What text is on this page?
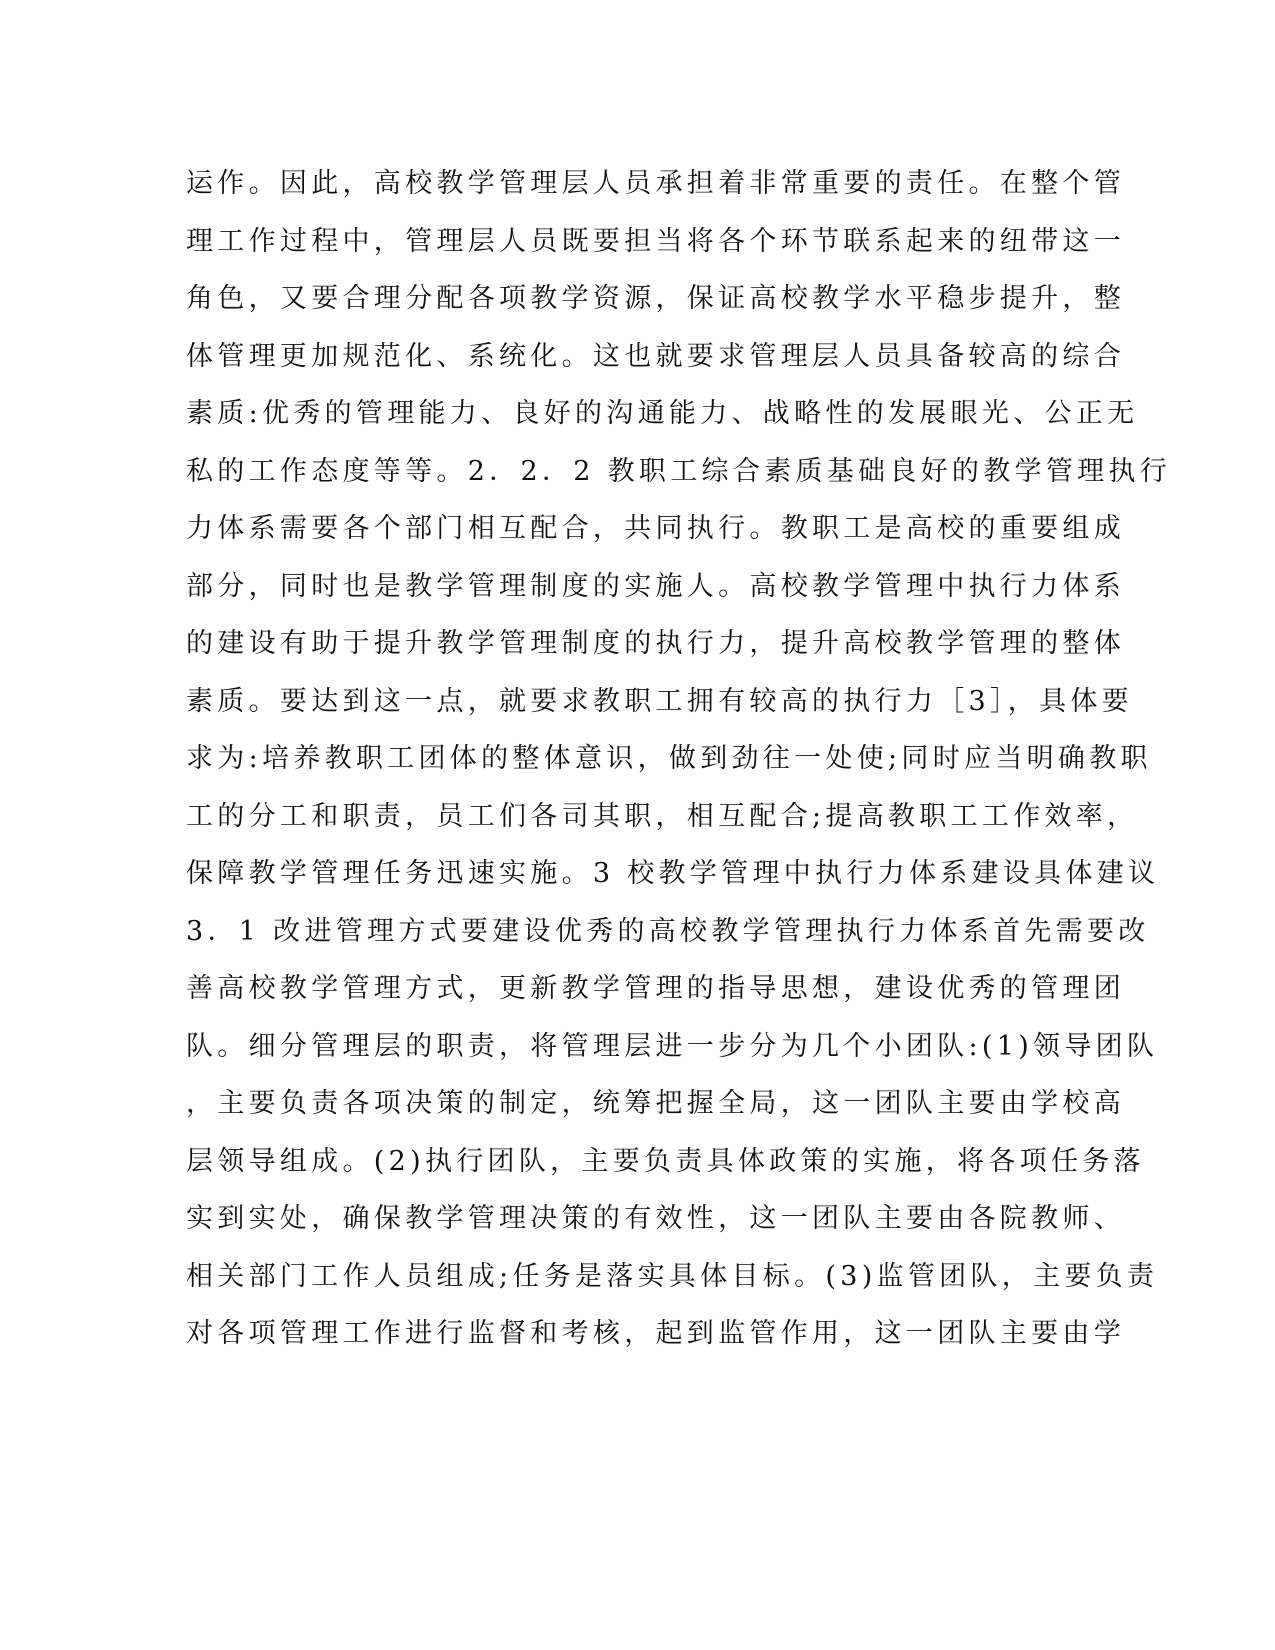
运作。因此，高校教学管理层人员承担着非常重要的责任。在整个管

理工作过程中，管理层人员既要担当将各个环节联系起来的纽带这一

角色，又要合理分配各项教学资源，保证高校教学水平稳步提升，整

体管理更加规范化、系统化。这也就要求管理层人员具备较高的综合

素质:优秀的管理能力、良好的沟通能力、战略性的发展眼光、公正无

私的工作态度等等。2．2．2 教职工综合素质基础良好的教学管理执行

力体系需要各个部门相互配合，共同执行。教职工是高校的重要组成

部分，同时也是教学管理制度的实施人。高校教学管理中执行力体系

的建设有助于提升教学管理制度的执行力，提升高校教学管理的整体

素质。要达到这一点，就要求教职工拥有较高的执行力［3］，具体要

求为:培养教职工团体的整体意识，做到劲往一处使;同时应当明确教职

工的分工和职责，员工们各司其职，相互配合;提高教职工工作效率，

保障教学管理任务迅速实施。3 校教学管理中执行力体系建设具体建议

3．1 改进管理方式要建设优秀的高校教学管理执行力体系首先需要改

善高校教学管理方式，更新教学管理的指导思想，建设优秀的管理团

队。细分管理层的职责，将管理层进一步分为几个小团队:(1)领导团队

，主要负责各项决策的制定，统筹把握全局，这一团队主要由学校高

层领导组成。(2)执行团队，主要负责具体政策的实施，将各项任务落

实到实处，确保教学管理决策的有效性，这一团队主要由各院教师、

相关部门工作人员组成;任务是落实具体目标。(3)监管团队，主要负责

对各项管理工作进行监督和考核，起到监管作用，这一团队主要由学
